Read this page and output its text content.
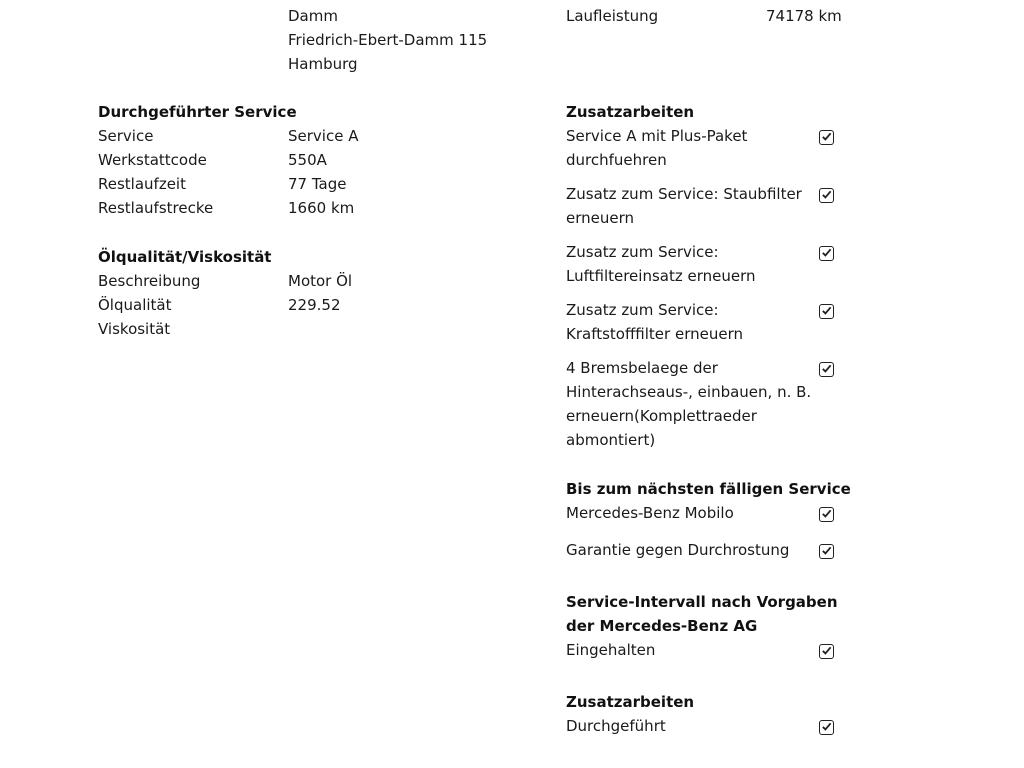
Damm
Friedrich-Ebert-Damm 115
Hamburg
Laufleistung	74178 km
Durchgeführter Service
Service	Service A
Werkstattcode	550A
Restlaufzeit	77 Tage
Restlaufstrecke	1660 km
Ölqualität/Viskosität
Beschreibung	Motor Öl
Ölqualität	229.52
Viskosität
Zusatzarbeiten
Service A mit Plus-Paket durchfuehren
Zusatz zum Service: Staubfilter erneuern
Zusatz zum Service: Luftfiltereinsatz erneuern
Zusatz zum Service: Kraftstofffilter erneuern
4 Bremsbelaege der Hinterachseaus-, einbauen, n. B. erneuern(Komplettraeder abmontiert)
Bis zum nächsten fälligen Service
Mercedes-Benz Mobilo
Garantie gegen Durchrostung
Service-Intervall nach Vorgaben der Mercedes-Benz AG
Eingehalten
Zusatzarbeiten
Durchgeführt
